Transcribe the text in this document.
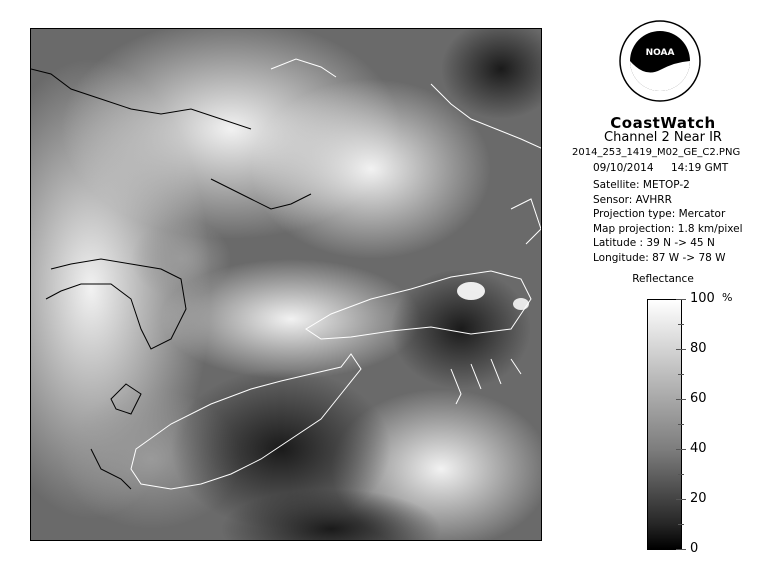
NOAA
CoastWatch
Channel 2 Near IR
2014_253_1419_M02_GE_C2.PNG
09/10/2014 14:19 GMT
Satellite: METOP-2
Sensor: AVHRR
Projection type: Mercator
Map projection: 1.8 km/pixel
Latitude : 39 N -> 45 N
Longitude: 87 W -> 78 W
Reflectance
%
100
80
60
40
20
0
